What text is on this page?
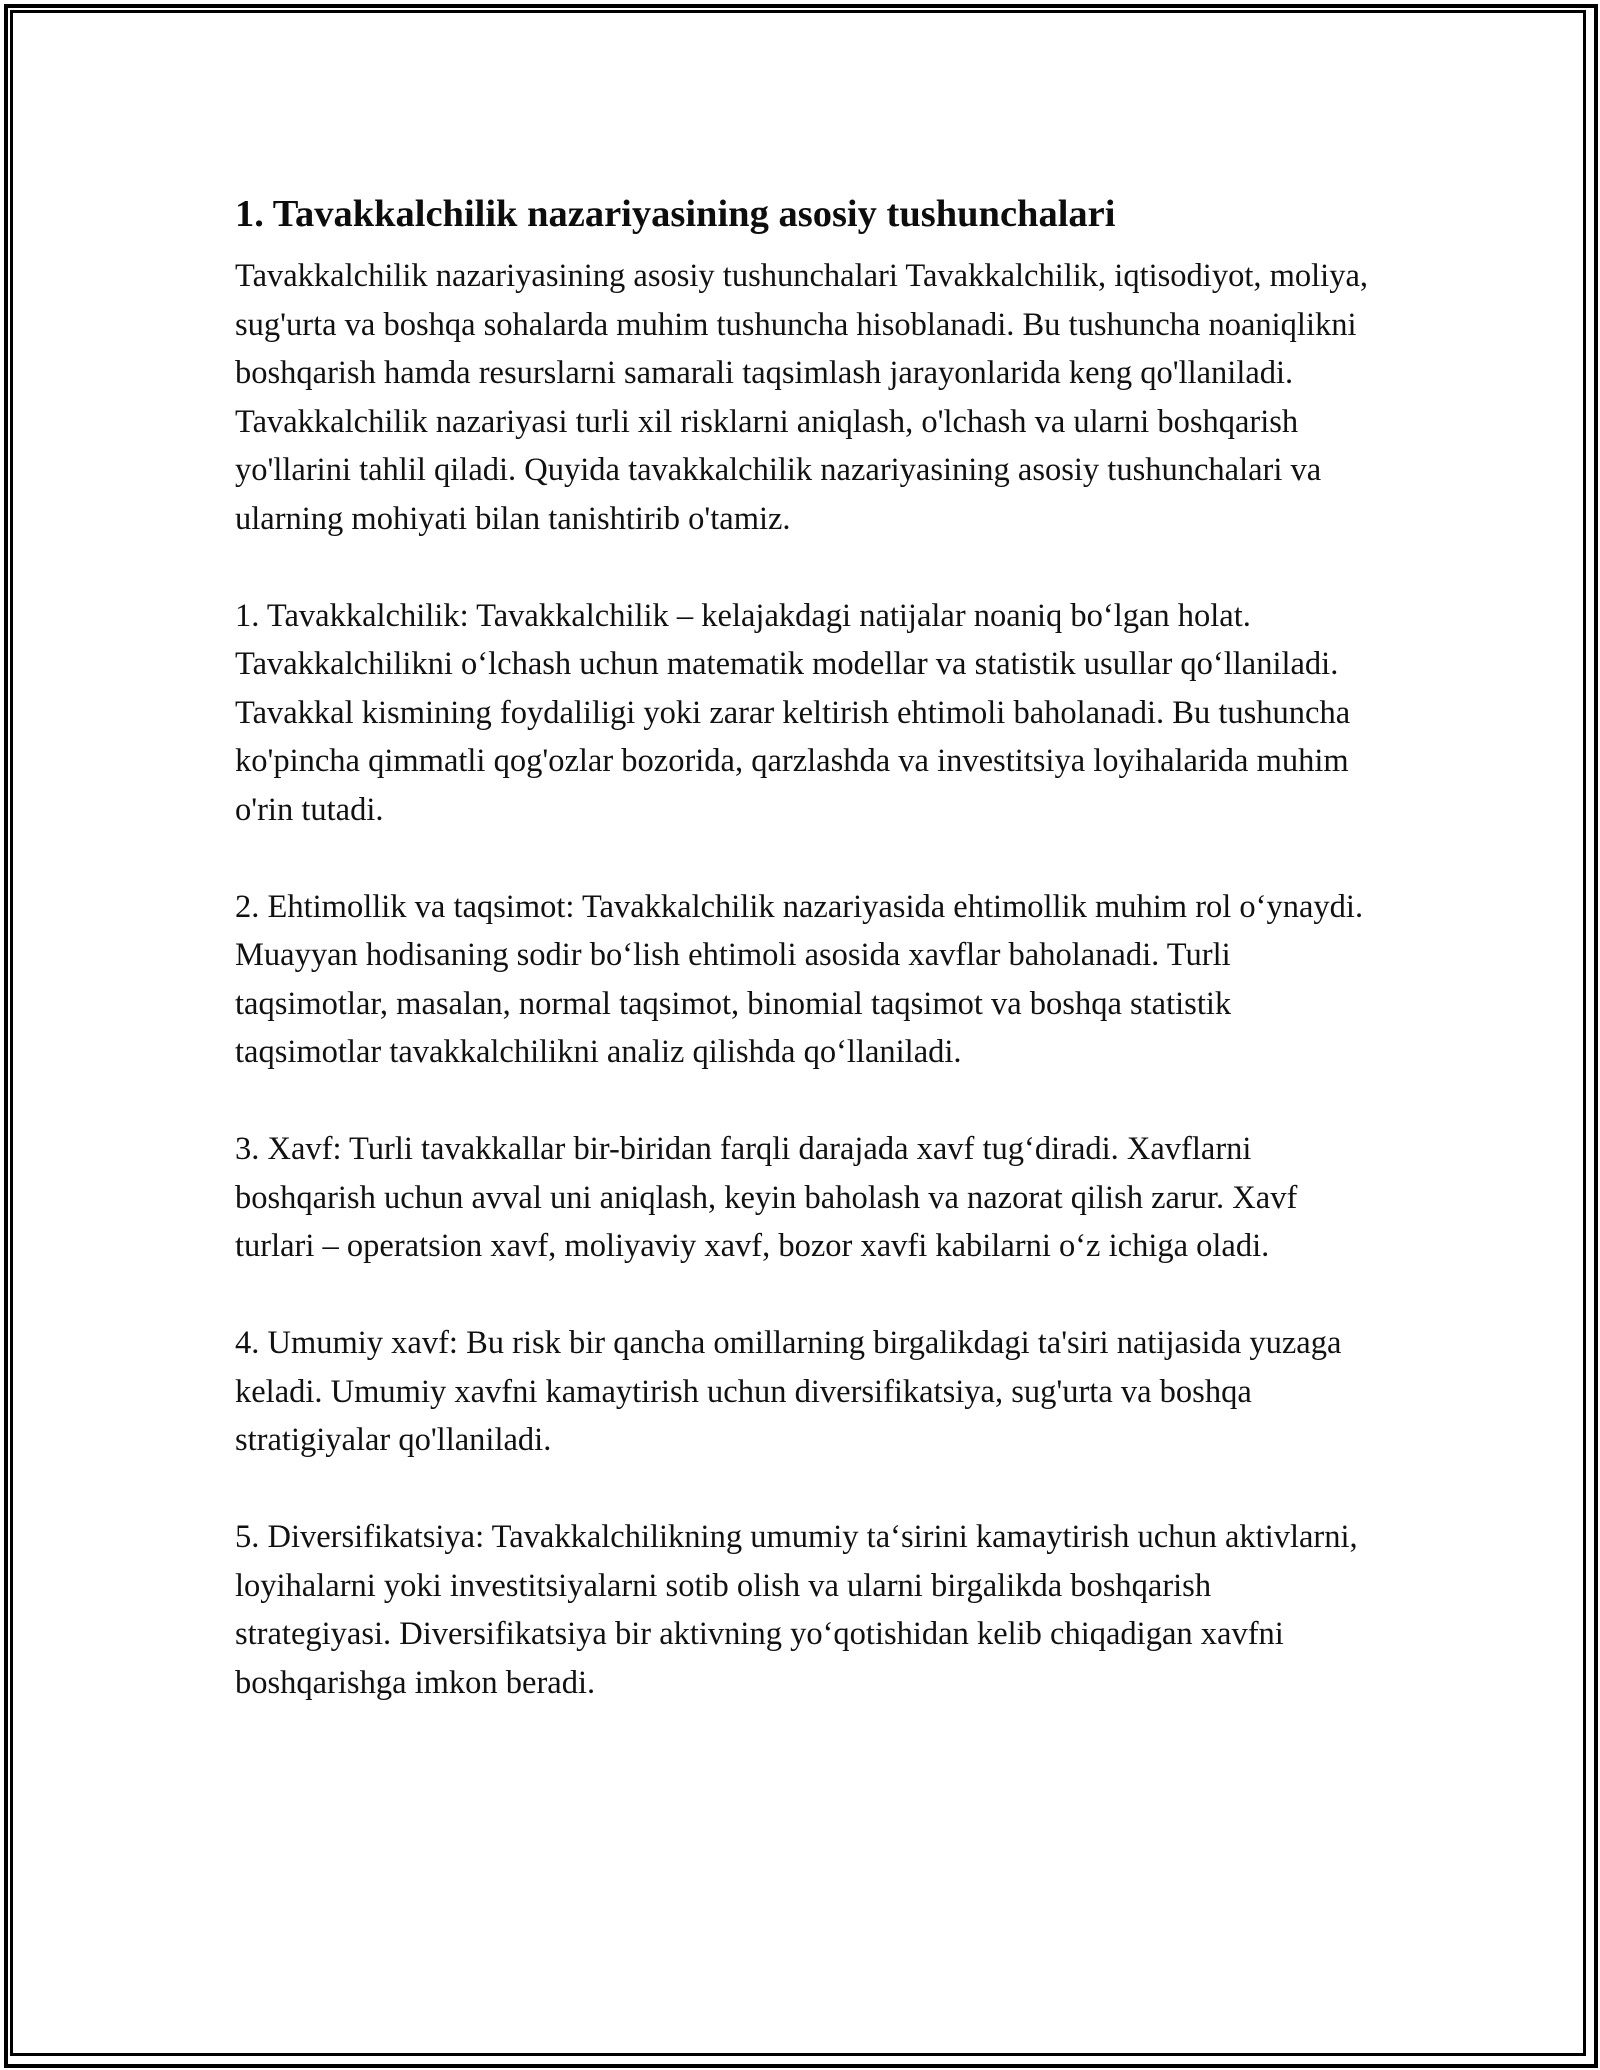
1. Tavakkalchilik nazariyasining asosiy tushunchalari

Tavakkalchilik nazariyasining asosiy tushunchalari Tavakkalchilik, iqtisodiyot, moliya, sug'urta va boshqa sohalarda muhim tushuncha hisoblanadi. Bu tushuncha noaniqlikni boshqarish hamda resurslarni samarali taqsimlash jarayonlarida keng qo'llaniladi. Tavakkalchilik nazariyasi turli xil risklarni aniqlash, o'lchash va ularni boshqarish yo'llarini tahlil qiladi. Quyida tavakkalchilik nazariyasining asosiy tushunchalari va ularning mohiyati bilan tanishtirib o'tamiz.

1. Tavakkalchilik: Tavakkalchilik – kelajakdagi natijalar noaniq boʻlgan holat. Tavakkalchilikni oʻlchash uchun matematik modellar va statistik usullar qoʻllaniladi. Tavakkal kismining foydaliligi yoki zarar keltirish ehtimoli baholanadi. Bu tushuncha ko'pincha qimmatli qog'ozlar bozorida, qarzlashda va investitsiya loyihalarida muhim o'rin tutadi.

2. Ehtimollik va taqsimot: Tavakkalchilik nazariyasida ehtimollik muhim rol oʻynaydi. Muayyan hodisaning sodir boʻlish ehtimoli asosida xavflar baholanadi. Turli taqsimotlar, masalan, normal taqsimot, binomial taqsimot va boshqa statistik taqsimotlar tavakkalchilikni analiz qilishda qoʻllaniladi.

3. Xavf: Turli tavakkallar bir-biridan farqli darajada xavf tugʻdiradi. Xavflarni boshqarish uchun avval uni aniqlash, keyin baholash va nazorat qilish zarur. Xavf turlari – operatsion xavf, moliyaviy xavf, bozor xavfi kabilarni oʻz ichiga oladi.

4. Umumiy xavf: Bu risk bir qancha omillarning birgalikdagi ta'siri natijasida yuzaga keladi. Umumiy xavfni kamaytirish uchun diversifikatsiya, sug'urta va boshqa stratigiyalar qo'llaniladi.

5. Diversifikatsiya: Tavakkalchilikning umumiy taʻsirini kamaytirish uchun aktivlarni, loyihalarni yoki investitsiyalarni sotib olish va ularni birgalikda boshqarish strategiyasi. Diversifikatsiya bir aktivning yoʻqotishidan kelib chiqadigan xavfni boshqarishga imkon beradi.
